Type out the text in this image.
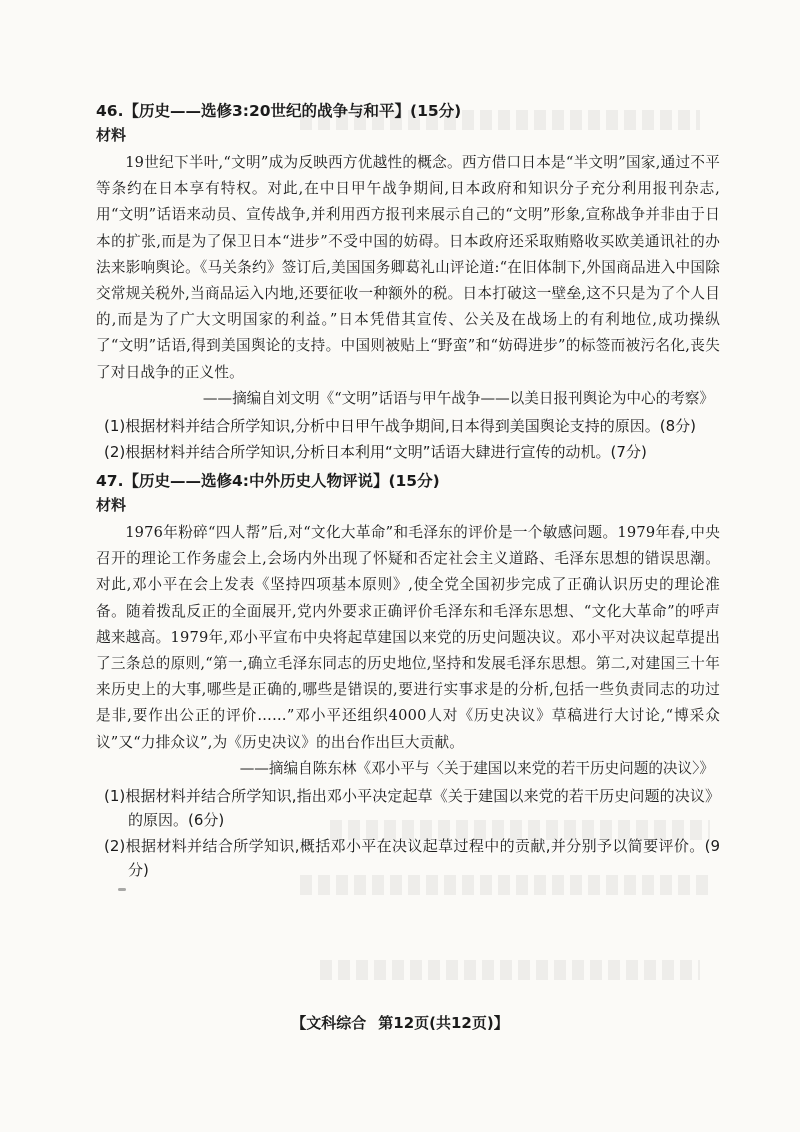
46.【历史——选修3:20世纪的战争与和平】(15分)

材料

19世纪下半叶,“文明”成为反映西方优越性的概念。西方借口日本是“半文明”国家,通过不平等条约在日本享有特权。对此,在中日甲午战争期间,日本政府和知识分子充分利用报刊杂志,用“文明”话语来动员、宣传战争,并利用西方报刊来展示自己的“文明”形象,宣称战争并非由于日本的扩张,而是为了保卫日本“进步”不受中国的妨碍。日本政府还采取贿赂收买欧美通讯社的办法来影响舆论。《马关条约》签订后,美国国务卿葛礼山评论道:“在旧体制下,外国商品进入中国除交常规关税外,当商品运入内地,还要征收一种额外的税。日本打破这一壁垒,这不只是为了个人目的,而是为了广大文明国家的利益。”日本凭借其宣传、公关及在战场上的有利地位,成功操纵了“文明”话语,得到美国舆论的支持。中国则被贴上“野蛮”和“妨碍进步”的标签而被污名化,丧失了对日战争的正义性。

——摘编自刘文明《“文明”话语与甲午战争——以美日报刊舆论为中心的考察》

(1)根据材料并结合所学知识,分析中日甲午战争期间,日本得到美国舆论支持的原因。(8分)

(2)根据材料并结合所学知识,分析日本利用“文明”话语大肆进行宣传的动机。(7分)

47.【历史——选修4:中外历史人物评说】(15分)

材料

1976年粉碎“四人帮”后,对“文化大革命”和毛泽东的评价是一个敏感问题。1979年春,中央召开的理论工作务虚会上,会场内外出现了怀疑和否定社会主义道路、毛泽东思想的错误思潮。对此,邓小平在会上发表《坚持四项基本原则》,使全党全国初步完成了正确认识历史的理论准备。随着拨乱反正的全面展开,党内外要求正确评价毛泽东和毛泽东思想、“文化大革命”的呼声越来越高。1979年,邓小平宣布中央将起草建国以来党的历史问题决议。邓小平对决议起草提出了三条总的原则,“第一,确立毛泽东同志的历史地位,坚持和发展毛泽东思想。第二,对建国三十年来历史上的大事,哪些是正确的,哪些是错误的,要进行实事求是的分析,包括一些负责同志的功过是非,要作出公正的评价……”邓小平还组织4000人对《历史决议》草稿进行大讨论,“博采众议”又“力排众议”,为《历史决议》的出台作出巨大贡献。

——摘编自陈东林《邓小平与〈关于建国以来党的若干历史问题的决议〉》

(1)根据材料并结合所学知识,指出邓小平决定起草《关于建国以来党的若干历史问题的决议》的原因。(6分)

(2)根据材料并结合所学知识,概括邓小平在决议起草过程中的贡献,并分别予以简要评价。(9分)

【文科综合 第12页(共12页)】
